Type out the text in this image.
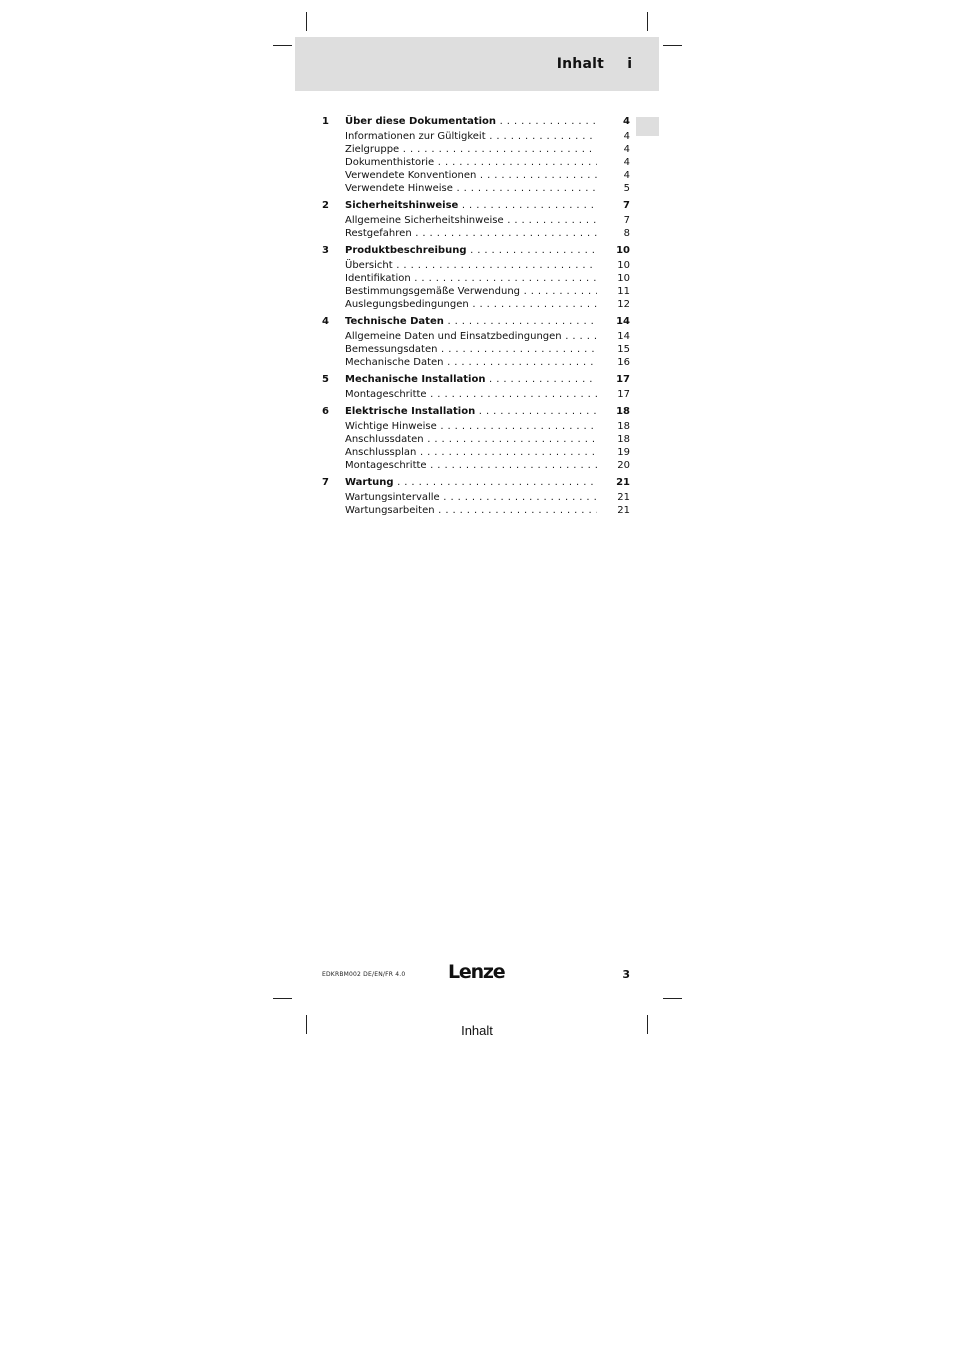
Inhalt i
1	Über diese Dokumentation . . .	4
Informationen zur Gültigkeit . . .	4
Zielgruppe . . .	4
Dokumenthistorie . . .	4
Verwendete Konventionen . . .	4
Verwendete Hinweise . . .	5
2	Sicherheitshinweise . . .	7
Allgemeine Sicherheitshinweise . . .	7
Restgefahren . . .	8
3	Produktbeschreibung . . .	10
Übersicht . . .	10
Identifikation . . .	10
Bestimmungsgemäße Verwendung . . .	11
Auslegungsbedingungen . . .	12
4	Technische Daten . . .	14
Allgemeine Daten und Einsatzbedingungen . . .	14
Bemessungsdaten . . .	15
Mechanische Daten . . .	16
5	Mechanische Installation . . .	17
Montageschritte . . .	17
6	Elektrische Installation . . .	18
Wichtige Hinweise . . .	18
Anschlussdaten . . .	18
Anschlussplan . . .	19
Montageschritte . . .	20
7	Wartung . . .	21
Wartungsintervalle . . .	21
Wartungsarbeiten . . .	21
EDKRBM002 DE/EN/FR 4.0 Lenze	3
Inhalt
